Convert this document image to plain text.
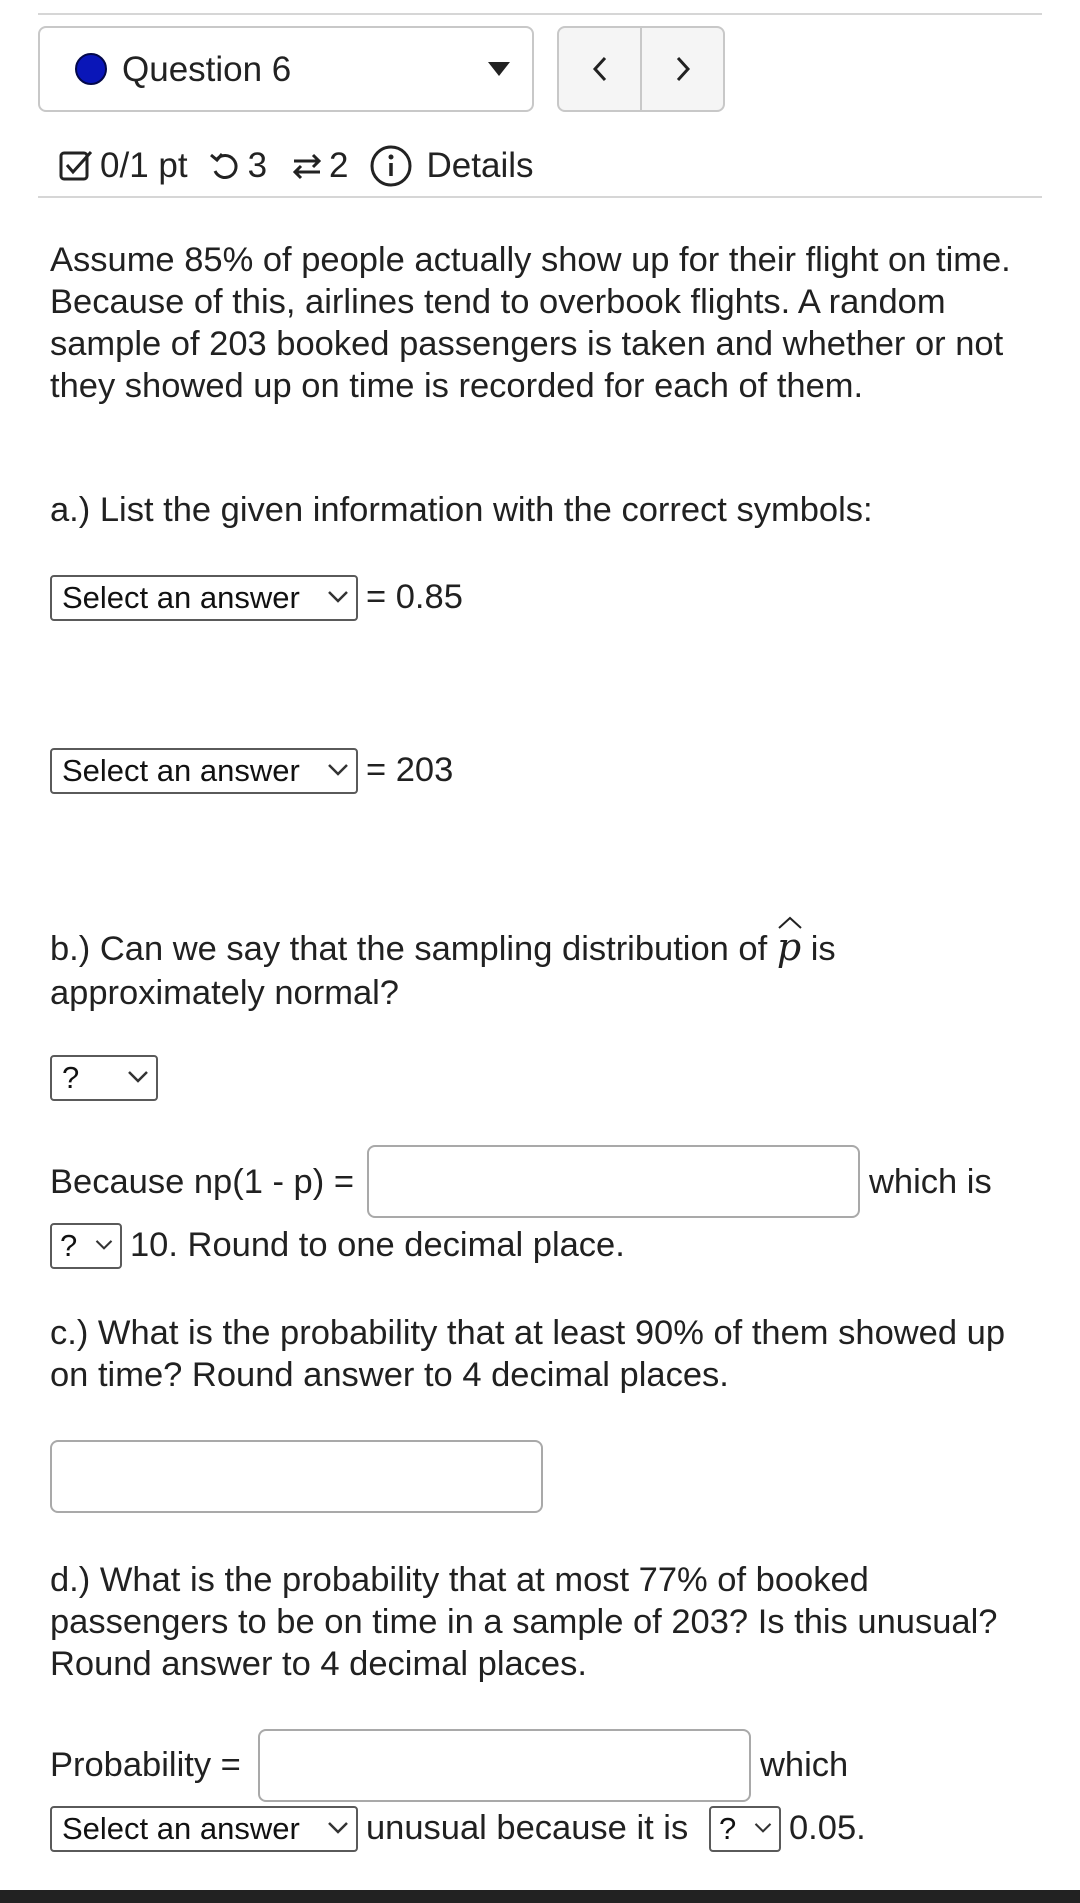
Question 6
0/1 pt 3 2 Details
Assume 85% of people actually show up for their flight on time. Because of this, airlines tend to overbook flights. A random sample of 203 booked passengers is taken and whether or not they showed up on time is recorded for each of them.
a.) List the given information with the correct symbols:
Select an answer	= 0.85
Select an answer	= 203
b.) Can we say that the sampling distribution of p is
approximately normal?
?
Because np(1 - p) =	which is
?	10. Round to one decimal place.
c.) What is the probability that at least 90% of them showed up on time? Round answer to 4 decimal places.
d.) What is the probability that at most 77% of booked passengers to be on time in a sample of 203? Is this unusual? Round answer to 4 decimal places.
Probability =	which
Select an answer	unusual because it is ?	0.05.
